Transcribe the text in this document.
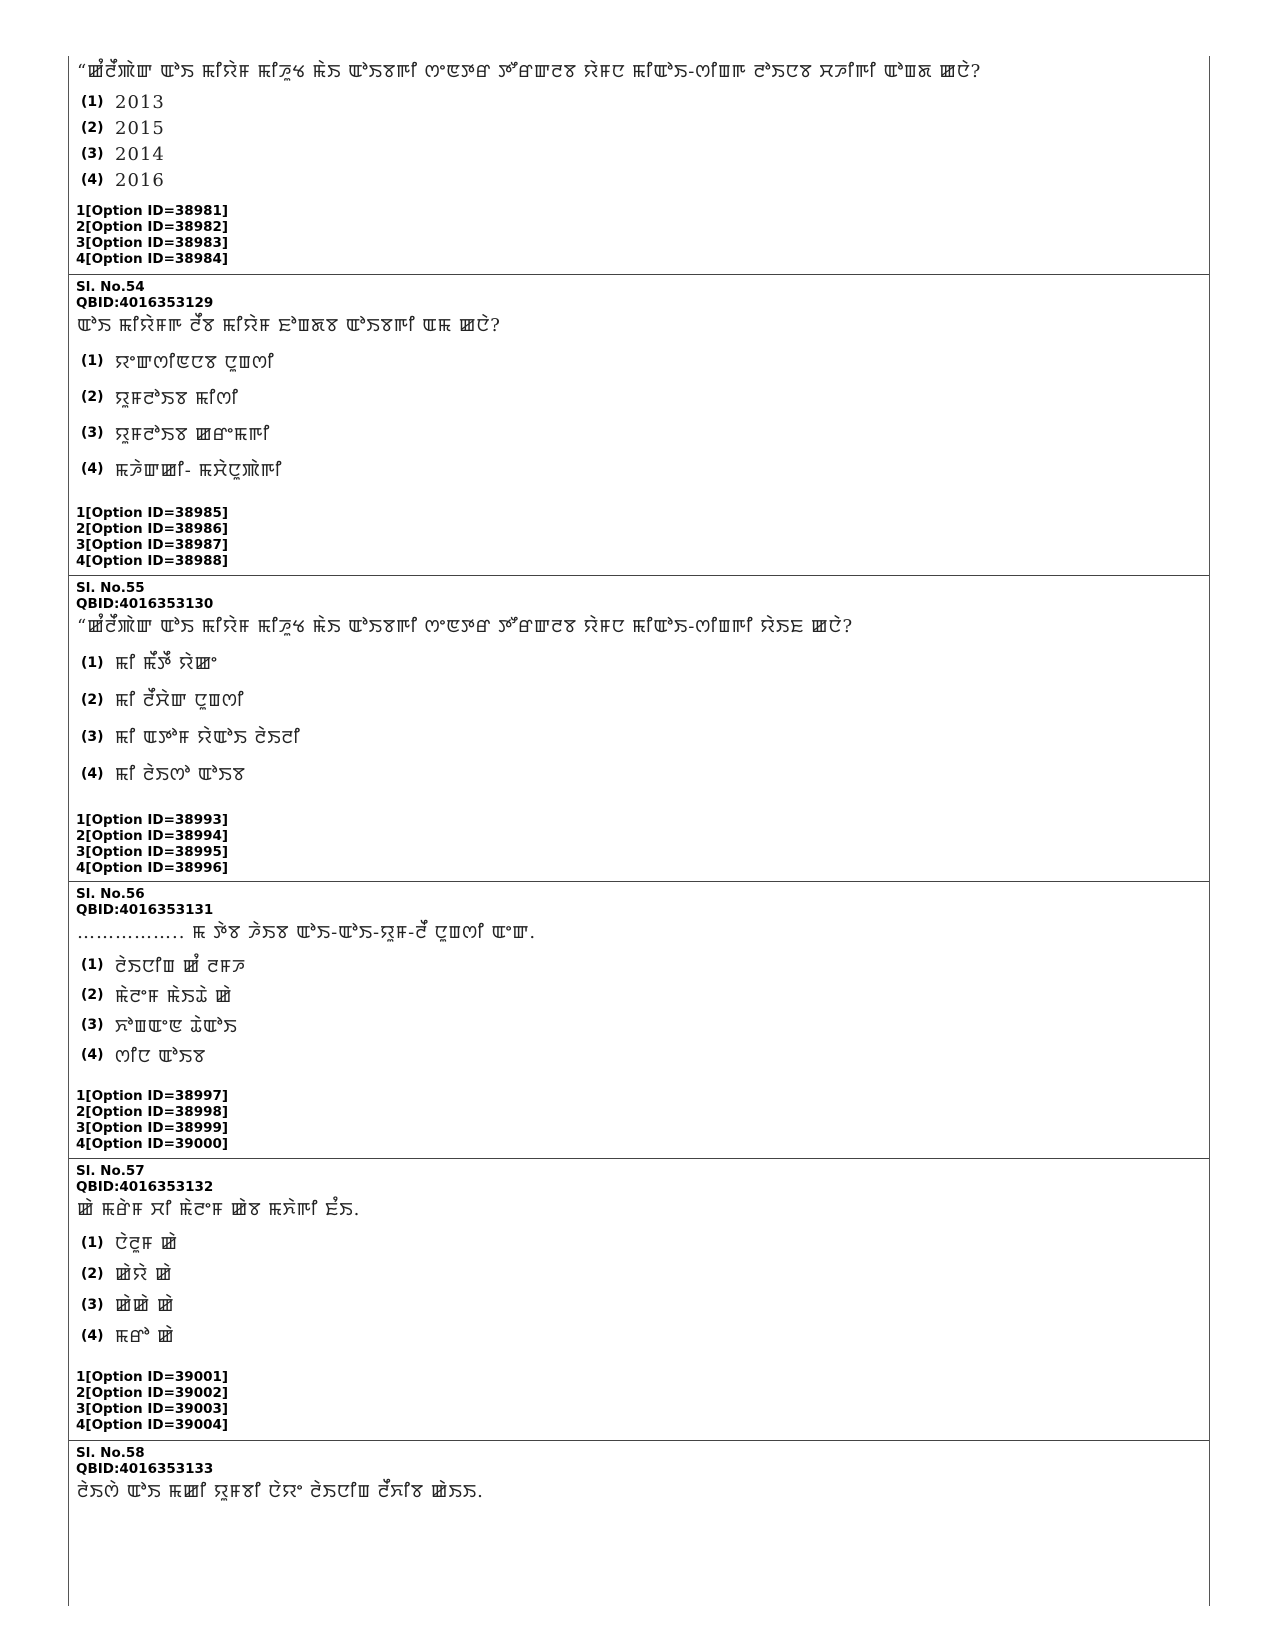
“ꯀꯪꯂꯩꯄꯥꯛ ꯑꯣꯏ ꯃꯤꯌꯥꯝ ꯃꯤꯍꯨꯠ ꯃꯥꯏ ꯑꯣꯏꯕꯒꯤ ꯁꯦꯟꯇꯔ ꯇꯧꯔꯛꯂꯕ ꯌꯥꯝꯅ ꯃꯤꯑꯣꯏ-ꯁꯤꯡꯒ ꯂꯣꯏꯅꯕ ꯆꯍꯤꯒꯤ ꯑꯣꯡꯗ ꯀꯅꯥ?
(1) 2013
(2) 2015
(3) 2014
(4) 2016
1[Option ID=38981]
2[Option ID=38982]
3[Option ID=38983]
4[Option ID=38984]
Sl. No.54
QBID:4016353129
ꯑꯣꯏ ꯃꯤꯌꯥꯝꯒ ꯂꯩꯕ ꯃꯤꯌꯥꯝ ꯐꯣꯡꯗꯕ ꯑꯣꯏꯕꯒꯤ ꯑꯃ ꯀꯅꯥ?
(1) ꯌꯦꯛꯁꯤꯟꯅꯕ ꯅꯨꯡꯁꯤ
(2) ꯌꯨꯝꯂꯣꯏꯕ ꯃꯤꯁꯤ
(3) ꯌꯨꯝꯂꯣꯏꯕ ꯀꯔꯦꯃꯒꯤ
(4) ꯃꯍꯥꯛꯀꯤ- ꯃꯆꯥꯅꯨꯄꯥꯒꯤ
1[Option ID=38985]
2[Option ID=38986]
3[Option ID=38987]
4[Option ID=38988]
Sl. No.55
QBID:4016353130
“ꯀꯪꯂꯩꯄꯥꯛ ꯑꯣꯏ ꯃꯤꯌꯥꯝ ꯃꯤꯍꯨꯠ ꯃꯥꯏ ꯑꯣꯏꯕꯒꯤ ꯁꯦꯟꯇꯔ ꯇꯧꯔꯛꯂꯕ ꯌꯥꯝꯅ ꯃꯤꯑꯣꯏ-ꯁꯤꯡꯒꯤ ꯌꯥꯏꯐ ꯀꯅꯥ?
(1) ꯃꯤ ꯃꯩꯇꯩ ꯌꯥꯀꯦ
(2) ꯃꯤ ꯂꯩꯆꯥꯛ ꯅꯨꯡꯁꯤ
(3) ꯃꯤ ꯑꯇꯣꯝ ꯌꯥꯑꯣꯏ ꯂꯥꯏꯂꯤ
(4) ꯃꯤ ꯂꯥꯏꯁꯣ ꯑꯣꯏꯕ
1[Option ID=38993]
2[Option ID=38994]
3[Option ID=38995]
4[Option ID=38996]
Sl. No.56
QBID:4016353131
…………….. ꯃ ꯇꯥꯕ ꯍꯥꯏꯕ ꯑꯣꯏ-ꯑꯣꯏ-ꯌꯨꯝ-ꯂꯩ ꯅꯨꯡꯁꯤ ꯑꯦꯛ.
(1) ꯂꯥꯏꯅꯤꯡ ꯀꯪ ꯂꯝꯍ
(2) ꯃꯥꯂꯦꯝ ꯃꯥꯏꯊꯥ ꯀꯥ
(3) ꯈꯣꯡꯑꯦꯟ ꯊꯥꯑꯣꯏ
(4) ꯁꯤꯅ ꯑꯣꯏꯕ
1[Option ID=38997]
2[Option ID=38998]
3[Option ID=38999]
4[Option ID=39000]
Sl. No.57
QBID:4016353132
ꯀꯥ ꯃꯔꯥꯝ ꯆꯤ ꯃꯥꯂꯦꯝ ꯀꯥꯕ ꯃꯈꯥꯒꯤ ꯐꯪꯏ.
(1) ꯅꯥꯂꯨꯝ ꯀꯥ
(2) ꯀꯥꯌꯥ ꯀꯥ
(3) ꯀꯥꯀꯥ ꯀꯥ
(4) ꯃꯔꯣ ꯀꯥ
1[Option ID=39001]
2[Option ID=39002]
3[Option ID=39003]
4[Option ID=39004]
Sl. No.58
QBID:4016353133
ꯂꯥꯏꯁꯥ ꯑꯣꯏ ꯃꯀꯤ ꯌꯨꯝꯕꯤ ꯅꯥꯌꯦ ꯂꯥꯏꯅꯤꯡ ꯂꯩꯈꯤꯕ ꯀꯥꯏꯏ.
